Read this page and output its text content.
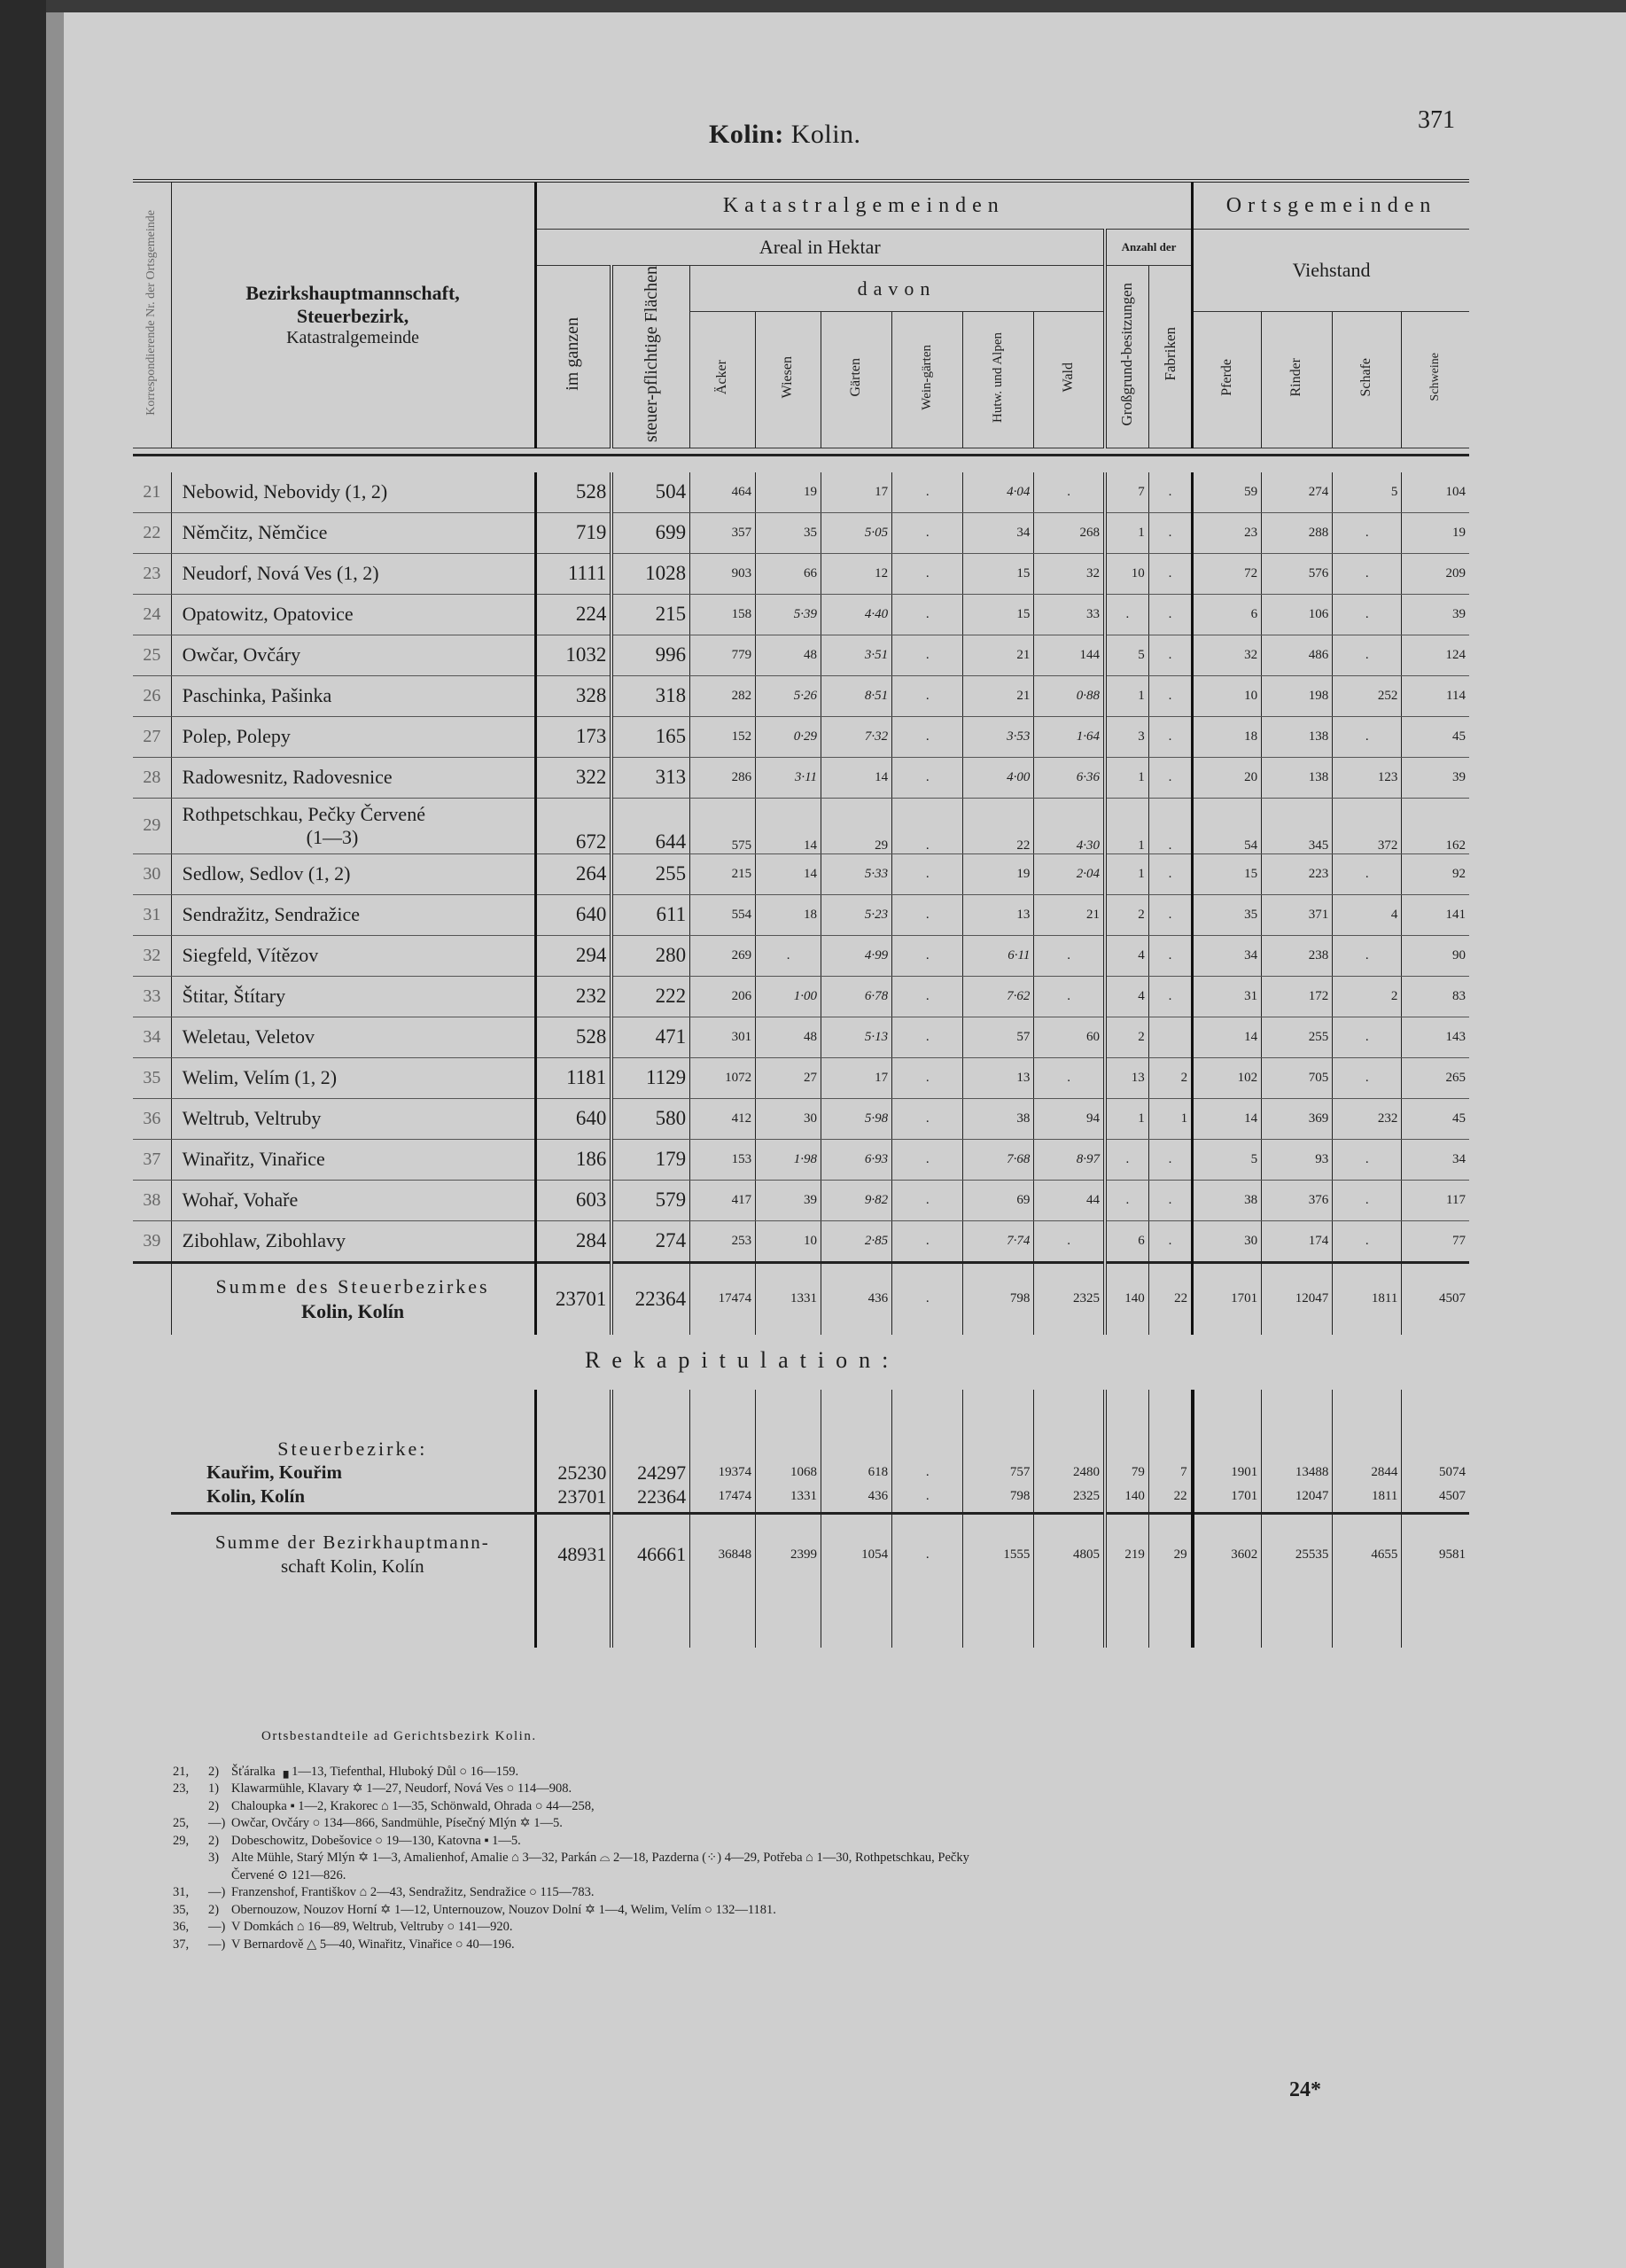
Kolin: Kolin.	371
Korrespondierende Nr. der Ortsgemeinde	Bezirkshauptmannschaft,
Steuerbezirk,
Katastralgemeinde	Katastralgemeinden										Ortsgemeinden			
		Areal in Hektar								Anzahl der		Viehstand			
		im ganzen	steuer-pflichtige Flächen	davon						Großgrund-besitzungen	Fabriken				
				Äcker	Wiesen	Gärten	Wein-gärten	Hutw. und Alpen	Wald			Pferde	Rinder	Schafe	Schweine

21	Nebowid, Nebovidy (1, 2)	528	504	464	19	17	.	4·04	.	7	.	59	274	5	104
22	Němčitz, Němčice	719	699	357	35	5·05	.	34	268	1	.	23	288	.	19
23	Neudorf, Nová Ves (1, 2)	1111	1028	903	66	12	.	15	32	10	.	72	576	.	209
24	Opatowitz, Opatovice	224	215	158	5·39	4·40	.	15	33	.	.	6	106	.	39
25	Owčar, Ovčáry	1032	996	779	48	3·51	.	21	144	5	.	32	486	.	124
26	Paschinka, Pašinka	328	318	282	5·26	8·51	.	21	0·88	1	.	10	198	252	114
27	Polep, Polepy	173	165	152	0·29	7·32	.	3·53	1·64	3	.	18	138	.	45
28	Radowesnitz, Radovesnice	322	313	286	3·11	14	.	4·00	6·36	1	.	20	138	123	39
29	Rothpetschkau, Pečky Červené
(1—3)	672	644	575	14	29	.	22	4·30	1	.	54	345	372	162
30	Sedlow, Sedlov (1, 2)	264	255	215	14	5·33	.	19	2·04	1	.	15	223	.	92
31	Sendražitz, Sendražice	640	611	554	18	5·23	.	13	21	2	.	35	371	4	141
32	Siegfeld, Vítězov	294	280	269	.	4·99	.	6·11	.	4	.	34	238	.	90
33	Štitar, Štítary	232	222	206	1·00	6·78	.	7·62	.	4	.	31	172	2	83
34	Weletau, Veletov	528	471	301	48	5·13	.	57	60	2		14	255	.	143
35	Welim, Velím (1, 2)	1181	1129	1072	27	17	.	13	.	13	2	102	705	.	265
36	Weltrub, Veltruby	640	580	412	30	5·98	.	38	94	1	1	14	369	232	45
37	Winařitz, Vinařice	186	179	153	1·98	6·93	.	7·68	8·97	.	.	5	93	.	34
38	Wohař, Vohaře	603	579	417	39	9·82	.	69	44	.	.	38	376	.	117
39	Zibohlaw, Zibohlavy	284	274	253	10	2·85	.	7·74	.	6	.	30	174	.	77
	Summe des Steuerbezirkes
Kolin, Kolín	23701	22364	17474	1331	436	.	798	2325	140	22	1701	12047	1811	4507
Rekapitulation:

	Steuerbezirke:														

	Kauřim, Kouřim	25230	24297	19374	1068	618	.	757	2480	79	7	1901	13488	2844	5074
	Kolin, Kolín	23701	22364	17474	1331	436	.	798	2325	140	22	1701	12047	1811	4507

	Summe der Bezirkhauptmann-
schaft Kolin, Kolín	48931	46661	36848	2399	1054	.	1555	4805	219	29	3602	25535	4655	9581

Ortsbestandteile ad Gerichtsbezirk Kolin.
21, 2) Šťáralka ▗ 1—13, Tiefenthal, Hluboký Důl ○ 16—159.
23, 1) Klawarmühle, Klavary ✡ 1—27, Neudorf, Nová Ves ○ 114—908.
2) Chaloupka ▪ 1—2, Krakorec ⌂ 1—35, Schönwald, Ohrada ○ 44—258,
25, —) Owčar, Ovčáry ○ 134—866, Sandmühle, Písečný Mlýn ✡ 1—5.
29, 2) Dobeschowitz, Dobešovice ○ 19—130, Katovna ▪ 1—5.
3) Alte Mühle, Starý Mlýn ✡ 1—3, Amalienhof, Amalie ⌂ 3—32, Parkán ⌓ 2—18, Pazderna (⁘) 4—29, Potřeba ⌂ 1—30, Rothpetschkau, Pečky
Červené ⊙ 121—826.
31, —) Franzenshof, Františkov ⌂ 2—43, Sendražitz, Sendražice ○ 115—783.
35, 2) Obernouzow, Nouzov Horní ✡ 1—12, Unternouzow, Nouzov Dolní ✡ 1—4, Welim, Velím ○ 132—1181.
36, —) V Domkách ⌂ 16—89, Weltrub, Veltruby ○ 141—920.
37, —) V Bernardově △ 5—40, Winařitz, Vinařice ○ 40—196.
24*
